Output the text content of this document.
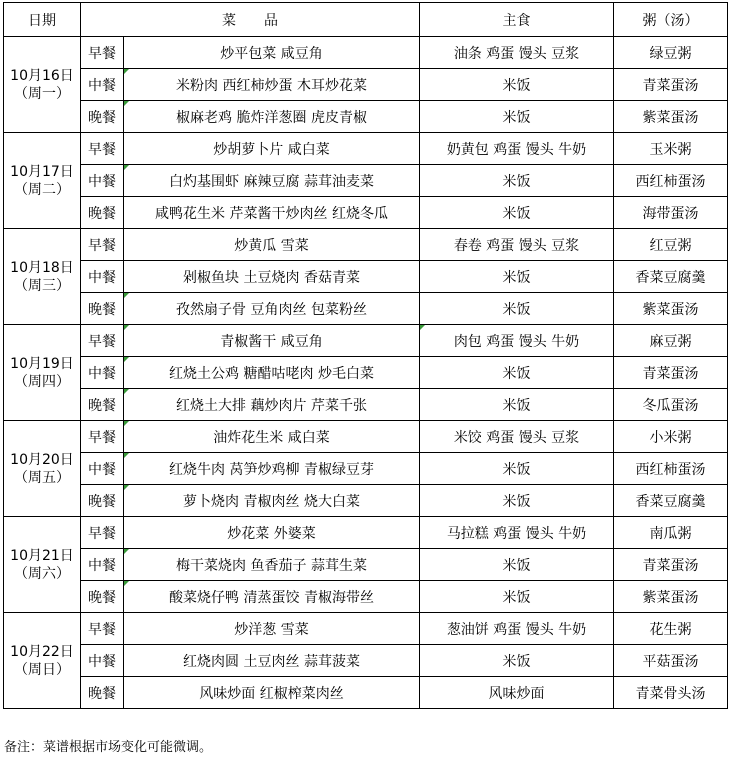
日期	菜　　品		主食	粥（汤）

10月16日
（周一）	早餐	炒平包菜 咸豆角	油条 鸡蛋 馒头 豆浆	绿豆粥
	中餐	米粉肉 西红柿炒蛋 木耳炒花菜	米饭	青菜蛋汤
	晚餐	椒麻老鸡 脆炸洋葱圈 虎皮青椒	米饭	紫菜蛋汤

10月17日
（周二）	早餐	炒胡萝卜片 咸白菜	奶黄包 鸡蛋 馒头 牛奶	玉米粥
	中餐	白灼基围虾 麻辣豆腐 蒜茸油麦菜	米饭	西红柿蛋汤
	晚餐	咸鸭花生米 芹菜酱干炒肉丝 红烧冬瓜	米饭	海带蛋汤

10月18日
（周三）	早餐	炒黄瓜 雪菜	春卷 鸡蛋 馒头 豆浆	红豆粥
	中餐	剁椒鱼块 土豆烧肉 香菇青菜	米饭	香菜豆腐羹
	晚餐	孜然扇子骨 豆角肉丝 包菜粉丝	米饭	紫菜蛋汤

10月19日
（周四）	早餐	青椒酱干 咸豆角	肉包 鸡蛋 馒头 牛奶	麻豆粥
	中餐	红烧土公鸡 糖醋咕咾肉 炒毛白菜	米饭	青菜蛋汤
	晚餐	红烧土大排 藕炒肉片 芹菜千张	米饭	冬瓜蛋汤

10月20日
（周五）	早餐	油炸花生米 咸白菜	米饺 鸡蛋 馒头 豆浆	小米粥
	中餐	红烧牛肉 莴笋炒鸡柳 青椒绿豆芽	米饭	西红柿蛋汤
	晚餐	萝卜烧肉 青椒肉丝 烧大白菜	米饭	香菜豆腐羹

10月21日
（周六）	早餐	炒花菜 外婆菜	马拉糕 鸡蛋 馒头 牛奶	南瓜粥
	中餐	梅干菜烧肉 鱼香茄子 蒜茸生菜	米饭	青菜蛋汤
	晚餐	酸菜烧仔鸭 清蒸蛋饺 青椒海带丝	米饭	紫菜蛋汤

10月22日
（周日）	早餐	炒洋葱 雪菜	葱油饼 鸡蛋 馒头 牛奶	花生粥
	中餐	红烧肉圆 土豆肉丝 蒜茸菠菜	米饭	平菇蛋汤
	晚餐	风味炒面 红椒榨菜肉丝	风味炒面	青菜骨头汤
备注：菜谱根据市场变化可能微调。
